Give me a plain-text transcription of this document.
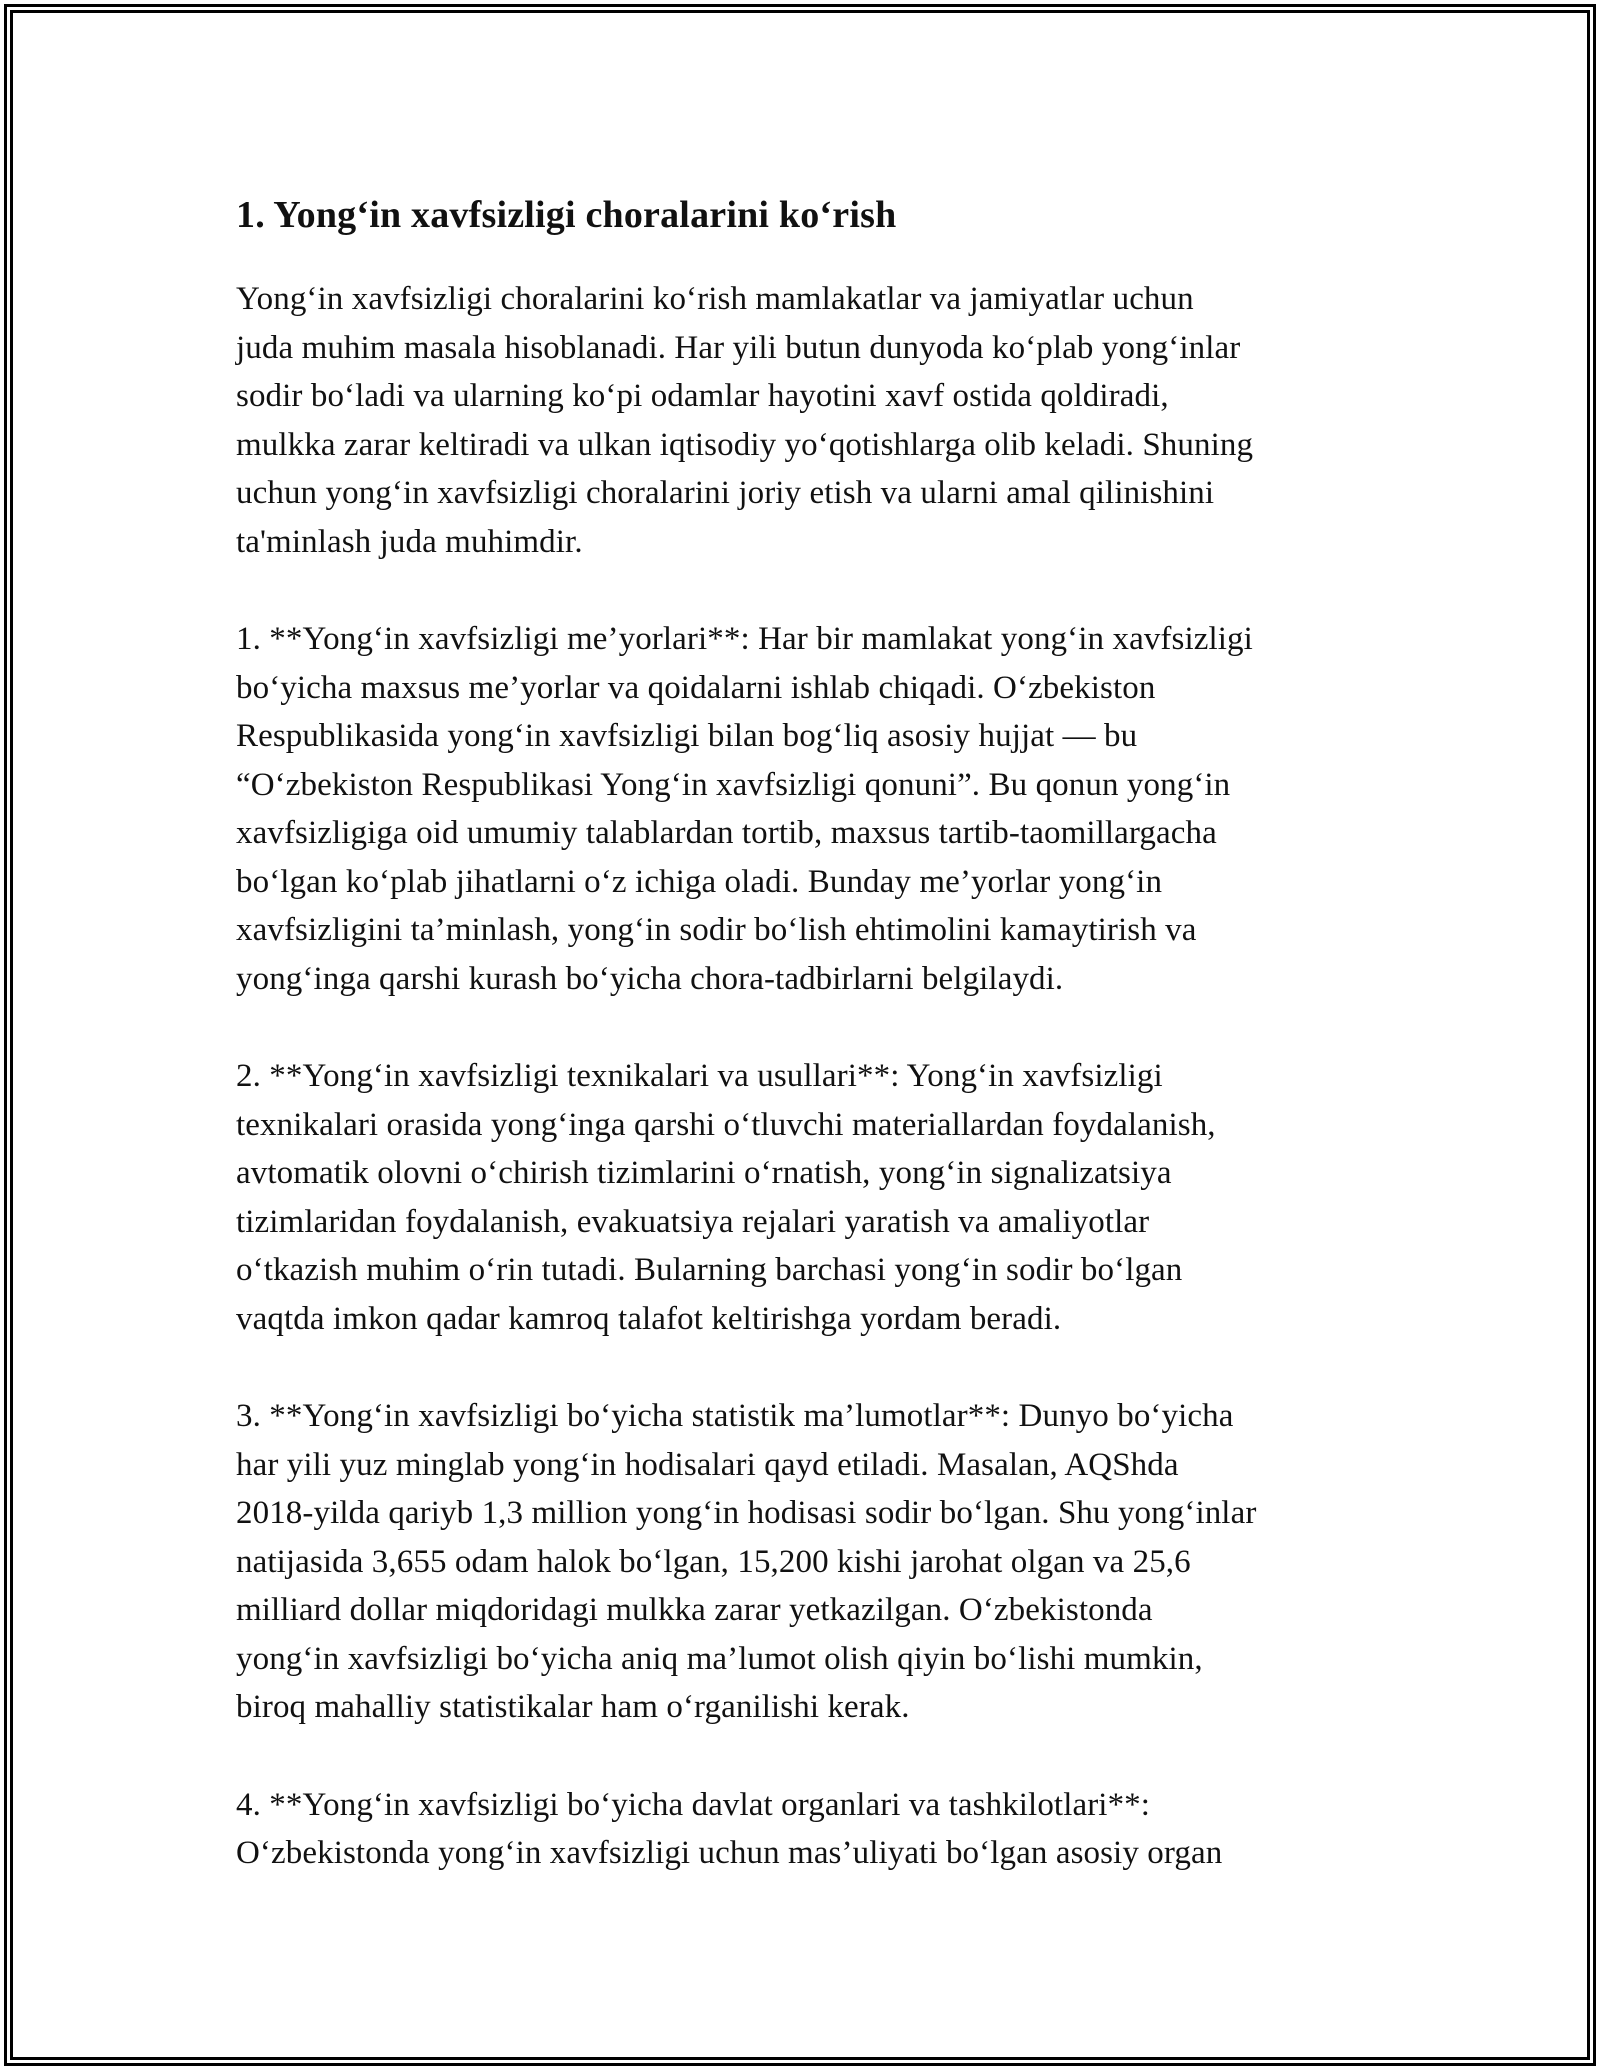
1. Yong‘in xavfsizligi choralarini ko‘rish

Yong‘in xavfsizligi choralarini ko‘rish mamlakatlar va jamiyatlar uchun
juda muhim masala hisoblanadi. Har yili butun dunyoda ko‘plab yong‘inlar
sodir bo‘ladi va ularning ko‘pi odamlar hayotini xavf ostida qoldiradi,
mulkka zarar keltiradi va ulkan iqtisodiy yo‘qotishlarga olib keladi. Shuning
uchun yong‘in xavfsizligi choralarini joriy etish va ularni amal qilinishini
ta'minlash juda muhimdir.

1. **Yong‘in xavfsizligi me’yorlari**: Har bir mamlakat yong‘in xavfsizligi
bo‘yicha maxsus me’yorlar va qoidalarni ishlab chiqadi. O‘zbekiston
Respublikasida yong‘in xavfsizligi bilan bog‘liq asosiy hujjat — bu
“O‘zbekiston Respublikasi Yong‘in xavfsizligi qonuni”. Bu qonun yong‘in
xavfsizligiga oid umumiy talablardan tortib, maxsus tartib-taomillargacha
bo‘lgan ko‘plab jihatlarni o‘z ichiga oladi. Bunday me’yorlar yong‘in
xavfsizligini ta’minlash, yong‘in sodir bo‘lish ehtimolini kamaytirish va
yong‘inga qarshi kurash bo‘yicha chora-tadbirlarni belgilaydi.

2. **Yong‘in xavfsizligi texnikalari va usullari**: Yong‘in xavfsizligi
texnikalari orasida yong‘inga qarshi o‘tluvchi materiallardan foydalanish,
avtomatik olovni o‘chirish tizimlarini o‘rnatish, yong‘in signalizatsiya
tizimlaridan foydalanish, evakuatsiya rejalari yaratish va amaliyotlar
o‘tkazish muhim o‘rin tutadi. Bularning barchasi yong‘in sodir bo‘lgan
vaqtda imkon qadar kamroq talafot keltirishga yordam beradi.

3. **Yong‘in xavfsizligi bo‘yicha statistik ma’lumotlar**: Dunyo bo‘yicha
har yili yuz minglab yong‘in hodisalari qayd etiladi. Masalan, AQShda
2018-yilda qariyb 1,3 million yong‘in hodisasi sodir bo‘lgan. Shu yong‘inlar
natijasida 3,655 odam halok bo‘lgan, 15,200 kishi jarohat olgan va 25,6
milliard dollar miqdoridagi mulkka zarar yetkazilgan. O‘zbekistonda
yong‘in xavfsizligi bo‘yicha aniq ma’lumot olish qiyin bo‘lishi mumkin,
biroq mahalliy statistikalar ham o‘rganilishi kerak.

4. **Yong‘in xavfsizligi bo‘yicha davlat organlari va tashkilotlari**:
O‘zbekistonda yong‘in xavfsizligi uchun mas’uliyati bo‘lgan asosiy organ
